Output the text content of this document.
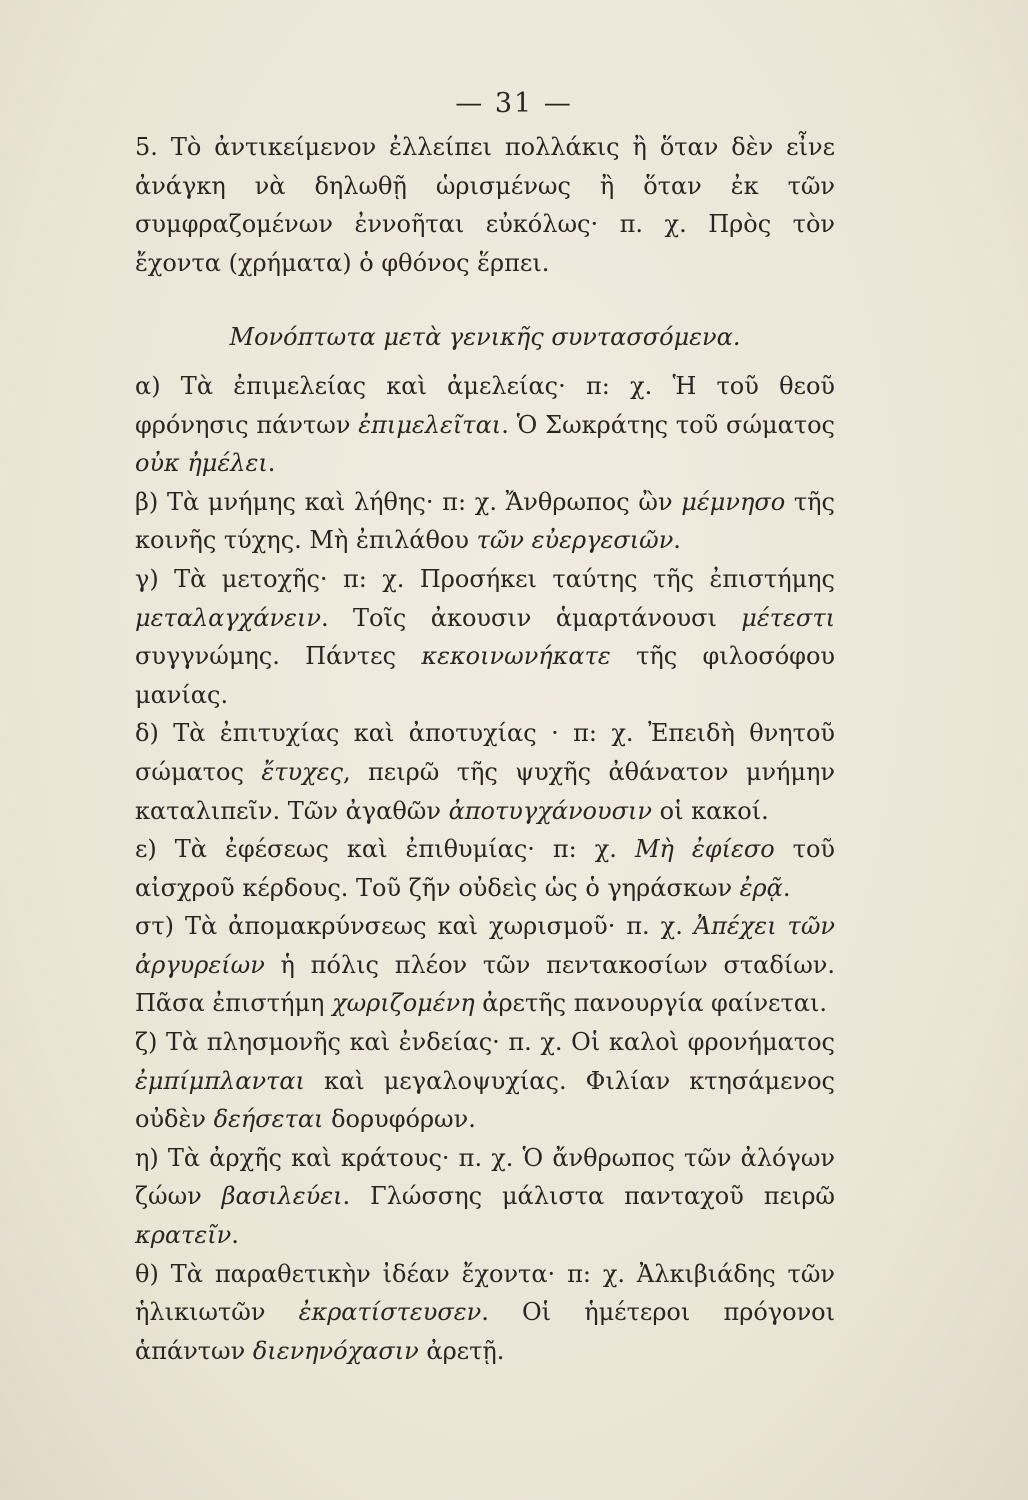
— 31 —

5. Τὸ ἀντικείμενον ἐλλείπει πολλάκις ἢ ὅταν δὲν εἶνε ἀνάγκη νὰ δηλωθῇ ὡρισμένως ἢ ὅταν ἐκ τῶν συμφραζομένων ἐννοῆται εὐκόλως· π. χ. Πρὸς τὸν ἔχοντα (χρήματα) ὁ φθόνος ἕρπει.

Μονόπτωτα μετὰ γενικῆς συντασσόμενα.

α) Τὰ ἐπιμελείας καὶ ἀμελείας· π: χ. Ἡ τοῦ θεοῦ φρόνησις πάντων ἐπιμελεῖται. Ὁ Σωκράτης τοῦ σώματος οὐκ ἠμέλει.

β) Τὰ μνήμης καὶ λήθης· π: χ. Ἄνθρωπος ὢν μέμνησο τῆς κοινῆς τύχης. Μὴ ἐπιλάθου τῶν εὐεργεσιῶν.

γ) Τὰ μετοχῆς· π: χ. Προσήκει ταύτης τῆς ἐπιστήμης μεταλαγχάνειν. Τοῖς ἀκουσιν ἁμαρτάνουσι μέτεστι συγγνώμης. Πάντες κεκοινωνήκατε τῆς φιλοσόφου μανίας.

δ) Τὰ ἐπιτυχίας καὶ ἀποτυχίας · π: χ. Ἐπειδὴ θνητοῦ σώματος ἔτυχες, πειρῶ τῆς ψυχῆς ἀθάνατον μνήμην καταλιπεῖν. Τῶν ἀγαθῶν ἀποτυγχάνουσιν οἱ κακοί.

ε) Τὰ ἐφέσεως καὶ ἐπιθυμίας· π: χ. Μὴ ἐφίεσο τοῦ αἰσχροῦ κέρδους. Τοῦ ζῆν οὐδεὶς ὡς ὁ γηράσκων ἐρᾷ.

στ) Τὰ ἀπομακρύνσεως καὶ χωρισμοῦ· π. χ. Ἀπέχει τῶν ἀργυρείων ἡ πόλις πλέον τῶν πεντακοσίων σταδίων. Πᾶσα ἐπιστήμη χωριζομένη ἀρετῆς πανουργία φαίνεται.

ζ) Τὰ πλησμονῆς καὶ ἐνδείας· π. χ. Οἱ καλοὶ φρονήματος ἐμπίμπλανται καὶ μεγαλοψυχίας. Φιλίαν κτησάμενος οὐδὲν δεήσεται δορυφόρων.

η) Τὰ ἀρχῆς καὶ κράτους· π. χ. Ὁ ἄνθρωπος τῶν ἀλόγων ζώων βασιλεύει. Γλώσσης μάλιστα πανταχοῦ πειρῶ κρατεῖν.

θ) Τὰ παραθετικὴν ἰδέαν ἔχοντα· π: χ. Ἀλκιβιάδης τῶν ἡλικιωτῶν ἐκρατίστευσεν. Οἱ ἡμέτεροι πρόγονοι ἁπάντων διενηνόχασιν ἀρετῇ.
